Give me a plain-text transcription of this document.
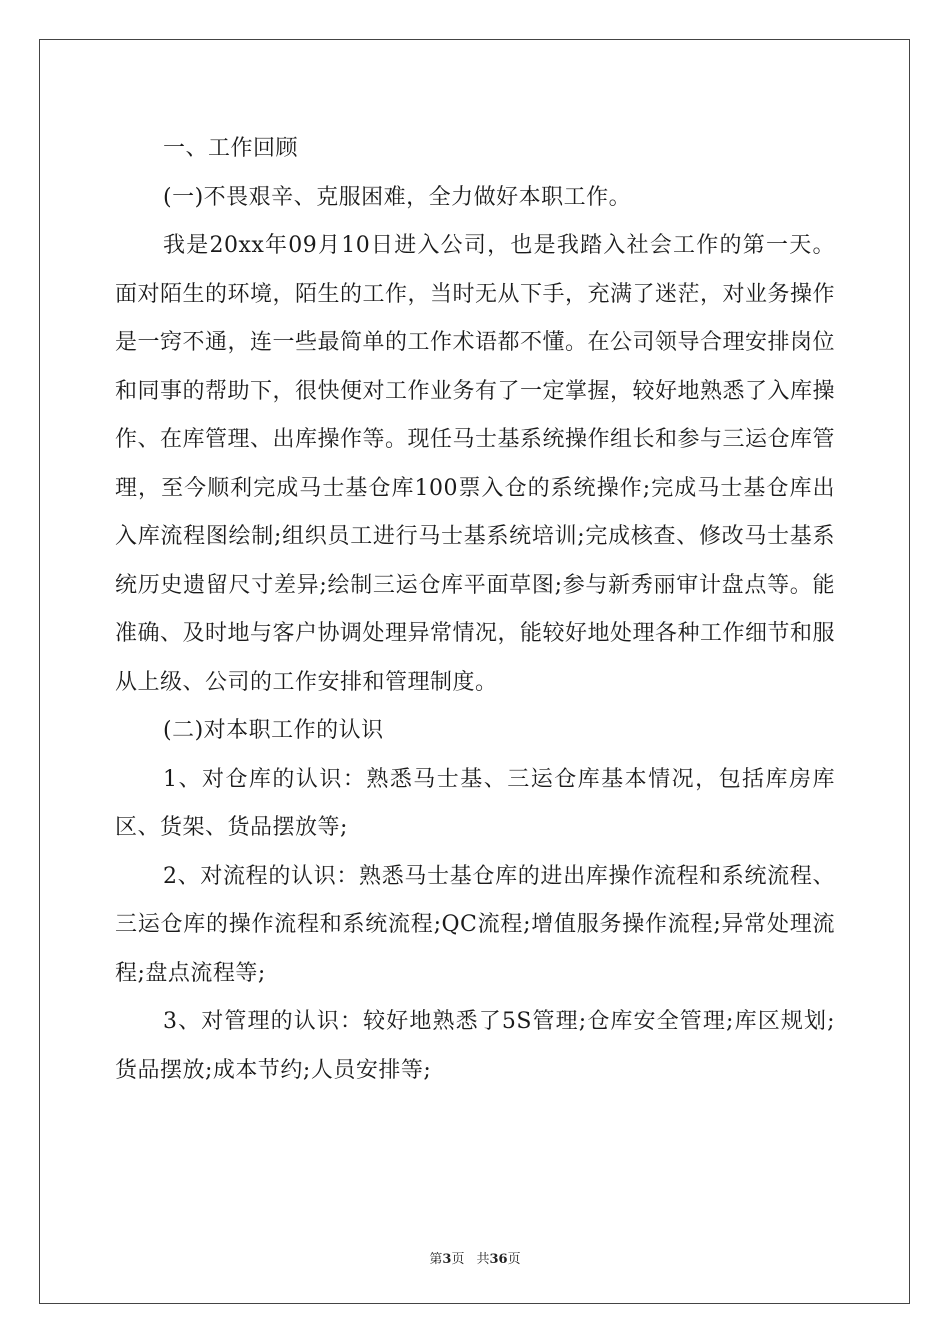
一、工作回顾

(一)不畏艰辛、克服困难，全力做好本职工作。

我是20xx年09月10日进入公司，也是我踏入社会工作的第一天。面对陌生的环境，陌生的工作，当时无从下手，充满了迷茫，对业务操作是一窍不通，连一些最简单的工作术语都不懂。在公司领导合理安排岗位和同事的帮助下，很快便对工作业务有了一定掌握，较好地熟悉了入库操作、在库管理、出库操作等。现任马士基系统操作组长和参与三运仓库管理，至今顺利完成马士基仓库100票入仓的系统操作;完成马士基仓库出入库流程图绘制;组织员工进行马士基系统培训;完成核查、修改马士基系统历史遗留尺寸差异;绘制三运仓库平面草图;参与新秀丽审计盘点等。能准确、及时地与客户协调处理异常情况，能较好地处理各种工作细节和服从上级、公司的工作安排和管理制度。

(二)对本职工作的认识

1、对仓库的认识：熟悉马士基、三运仓库基本情况，包括库房库区、货架、货品摆放等;

2、对流程的认识：熟悉马士基仓库的进出库操作流程和系统流程、三运仓库的操作流程和系统流程;QC流程;增值服务操作流程;异常处理流程;盘点流程等;

3、对管理的认识：较好地熟悉了5S管理;仓库安全管理;库区规划;货品摆放;成本节约;人员安排等;

第3页 共36页
